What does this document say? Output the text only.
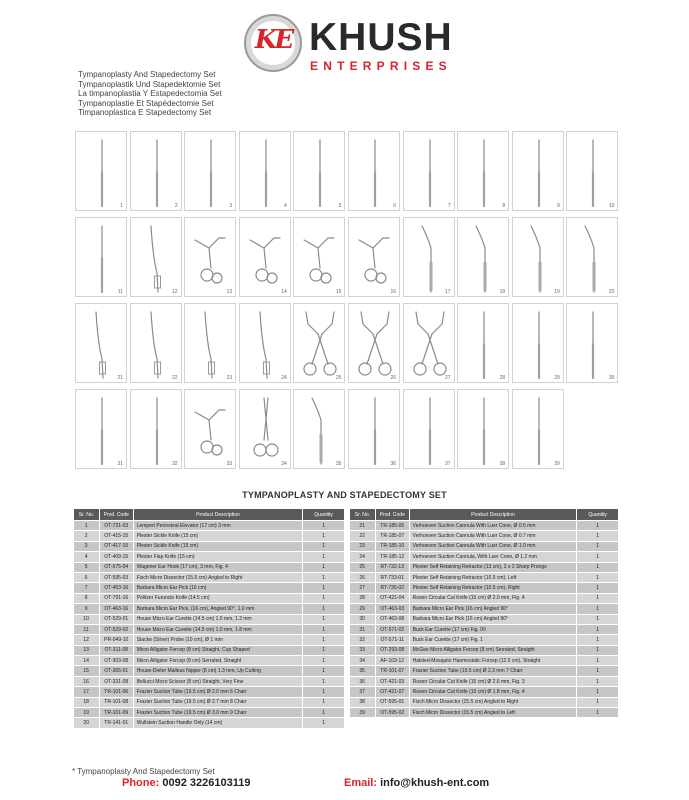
KE KHUSH
ENTERPRISES
Tympanoplasty And Stapedectomy Set
Tympanoplastik Und Stapedektomie Set
La timpanoplastia Y Estapedectomia Set
Tympanoplastie Et Stapédectomie Set
Timpanoplastica E Stapedectomy Set
1	2	3	4	5	6	7	8	9	10
11	12	13	14	15	16	17	18	19	20
21	22	23	24	25	26	27	28	29	30
31	32	33	34	35	36	37	38	39
TYMPANOPLASTY AND STAPEDECTOMY SET
Sr. No.	Prod. Code	Product Description	Quantity
1	OT-731-03	Lempert Periosteal Elevator (17 cm) 3 mm	1
2	OT-415-15	Plester Sickle Knife (15 cm)	1
3	OT-417-15	Plester Sickle Knife (15 cm)	1
4	OT-409-15	Plester Flap Knife (15 cm)	1
5	OT-675-04	Wagener Ear Hook (17 cm), 3 mm, Fig. 4	1
6	OT-595-03	Fisch Micro Dissector (15.5 cm) Angled to Right	1
7	OT-453-16	Barbara Micro Ear Pick (16 cm)	1
8	OT-791-16	Politzer Furuncle Knife (14.5 cm)	1
9	OT-463-16	Barbara Micro Ear Pick, (16 cm), Angled 90°, 1.0 mm	1
10	OT-529-01	House Micro Ear Curette (14.5 cm) 1.0 mm, 1.2 mm	1
11	OT-529-02	House Micro Ear Curette (14.5 cm) 1.0 mm, 1.8 mm	1
12	PR-049-10	Stacke (Silver) Probe (10 cm), Ø 1 mm	1
13	OT-311-08	Micro Alligator Forcep (8 cm) Straight, Cup Shaped	1
14	OT-303-08	Micro Alligator Forcep (8 cm) Serrated, Straight	1
15	OT-365-01	House-Dieter Malleus Nipper (8 cm) 1.3 mm, Up Cutting	1
16	OT-331-08	Bellucci Micro Scissor (8 cm) Straight, Very Fine	1
17	TR-101-06	Frazier Suction Tube (19.5 cm) Ø 2.0 mm 6 Charr	1
18	TR-101-08	Frazier Suction Tube (19.5 cm) Ø 2.7 mm 8 Charr	1
19	TR-101-09	Frazier Suction Tube (19.5 cm) Ø 3.0 mm 9 Charr	1
20	TR-141-01	Wullstein Suction Handle Only (14 cm)	1
Sr. No.	Prod. Code	Product Description	Quantity
21	TR-185-05	Verhoeven Suction Cannula With Luer Cone, Ø 0.5 mm	1
22	TR-185-07	Verhoeven Suction Cannula With Luer Cone, Ø 0.7 mm	1
23	TR-185-10	Verhoeven Suction Cannula With Luer Cone, Ø 1.0 mm	1
24	TR-185-12	Verhoeven Suction Cannula, With Luer Cone, Ø 1.2 mm	1
25	RT-732-13	Plester Self Retaining Retractor (13 cm), 2 x 2 Sharp Prongs	1
26	RT-733-01	Plester Self Retaining Retractor (10.5 cm), Left	1
27	RT-735-02	Plester Self Retaining Retractor (10.5 cm), Right	1
28	OT-421-04	Rosen Circular Cut Knife (15 cm) Ø 2.0 mm, Fig. 4	1
29	OT-463-03	Barbara Micro Ear Pick (16 cm) Angled 90°	1
30	OT-463-08	Barbara Micro Ear Pick (16 cm) Angled 90°	1
31	OT-571-02	Buck Ear Curette (17 cm) Fig. 00	1
32	OT-571-11	Buck Ear Curette (17 cm) Fig. 1	1
33	OT-293-08	McGee Micro Alligator Forcep (8 cm) Serrated, Straight	1
34	AF-103-12	Halsted-Mosquito Haemostatic Forcep (12.5 cm), Straight	1
35	TR-101-07	Frazier Suction Tube (19.5 cm) Ø 2.3 mm 7 Charr	1
36	OT-421-03	Rosen Circular Cut Knife (15 cm) Ø 2.6 mm, Fig. 3	1
37	OT-421-07	Rosen Circular Cut Knife (15 cm) Ø 1.8 mm, Fig. 4	1
38	OT-595-01	Fisch Micro Dissector (15.5 cm) Angled to Right	1
39	OT-595-02	Fisch Micro Dissector (15.5 cm) Angled to Left	1
* Tympanoplasty And Stapedectomy Set
Phone: 0092 3226103119	Email: info@khush-ent.com
